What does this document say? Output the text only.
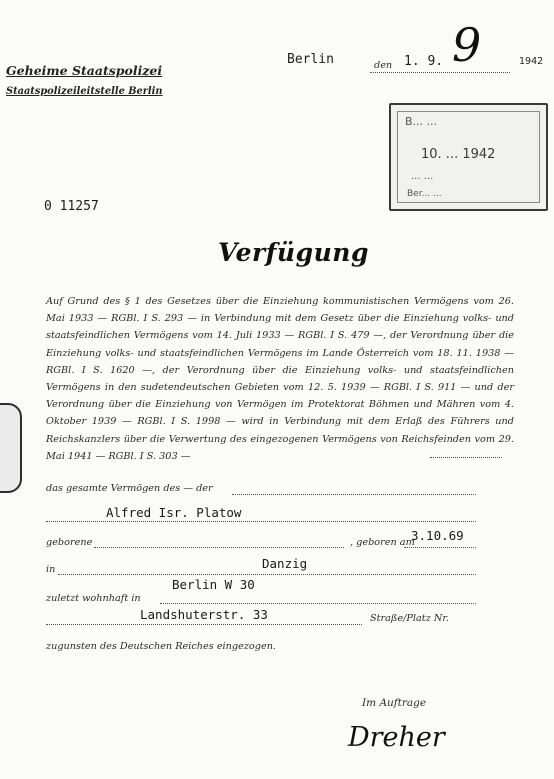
Geheime Staatspolizei
Staatspolizeileitstelle Berlin
Berlin	den 1. 9. 9	1942
B... ...
10. ... 1942
... ...
Ber... ...
0 11257
Verfügung
Auf Grund des § 1 des Gesetzes über die Einziehung kommunistischen Vermögens vom 26. Mai 1933 — RGBl. I S. 293 — in Verbindung mit dem Gesetz über die Einziehung volks- und staatsfeindlichen Vermögens vom 14. Juli 1933 — RGBl. I S. 479 —, der Verordnung über die Einziehung volks- und staatsfeindlichen Vermögens im Lande Österreich vom 18. 11. 1938 — RGBl. I S. 1620 —, der Verordnung über die Einziehung volks- und staatsfeindlichen Vermögens in den sudetendeutschen Gebieten vom 12. 5. 1939 — RGBl. I S. 911 — und der Verordnung über die Einziehung von Vermögen im Protektorat Böhmen und Mähren vom 4. Oktober 1939 — RGBl. I S. 1998 — wird in Verbindung mit dem Erlaß des Führers und Reichskanzlers über die Verwertung des eingezogenen Vermögens von Reichsfeinden vom 29. Mai 1941 — RGBl. I S. 303 —
das gesamte Vermögen des — der
Alfred Isr. Platow
geborene	, geboren am
3.10.69
in	Danzig
zuletzt wohnhaft in
Berlin W 30
Landshuterstr. 33	Straße/Platz Nr.
zugunsten des Deutschen Reiches eingezogen.
Im Auftrage
Dreher
